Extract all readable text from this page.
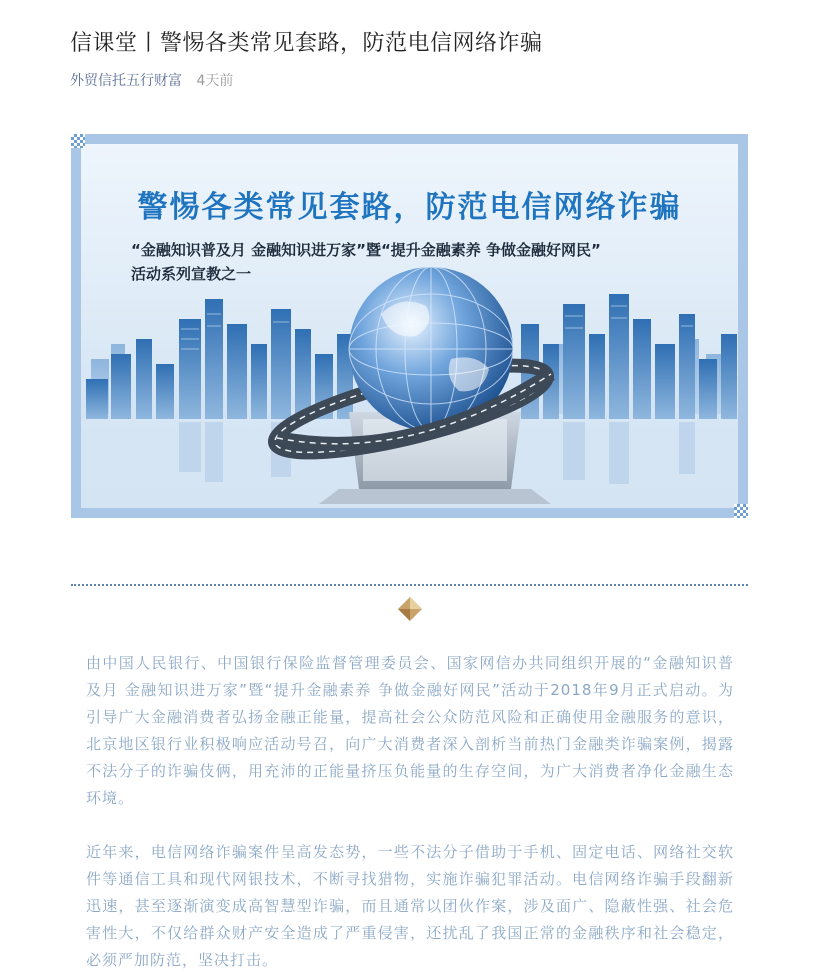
信课堂丨警惕各类常见套路，防范电信网络诈骗
外贸信托五行财富 4天前
警惕各类常见套路，防范电信网络诈骗
“金融知识普及月 金融知识进万家”暨“提升金融素养 争做金融好网民”
活动系列宣教之一
由中国人民银行、中国银行保险监督管理委员会、国家网信办共同组织开展的“金融知识普及月 金融知识进万家”暨“提升金融素养 争做金融好网民”活动于2018年9月正式启动。为引导广大金融消费者弘扬金融正能量，提高社会公众防范风险和正确使用金融服务的意识，北京地区银行业积极响应活动号召，向广大消费者深入剖析当前热门金融类诈骗案例，揭露不法分子的诈骗伎俩，用充沛的正能量挤压负能量的生存空间，为广大消费者净化金融生态环境。
近年来，电信网络诈骗案件呈高发态势，一些不法分子借助于手机、固定电话、网络社交软件等通信工具和现代网银技术，不断寻找猎物，实施诈骗犯罪活动。电信网络诈骗手段翻新迅速，甚至逐渐演变成高智慧型诈骗，而且通常以团伙作案，涉及面广、隐蔽性强、社会危害性大，不仅给群众财产安全造成了严重侵害，还扰乱了我国正常的金融秩序和社会稳定，必须严加防范，坚决打击。
